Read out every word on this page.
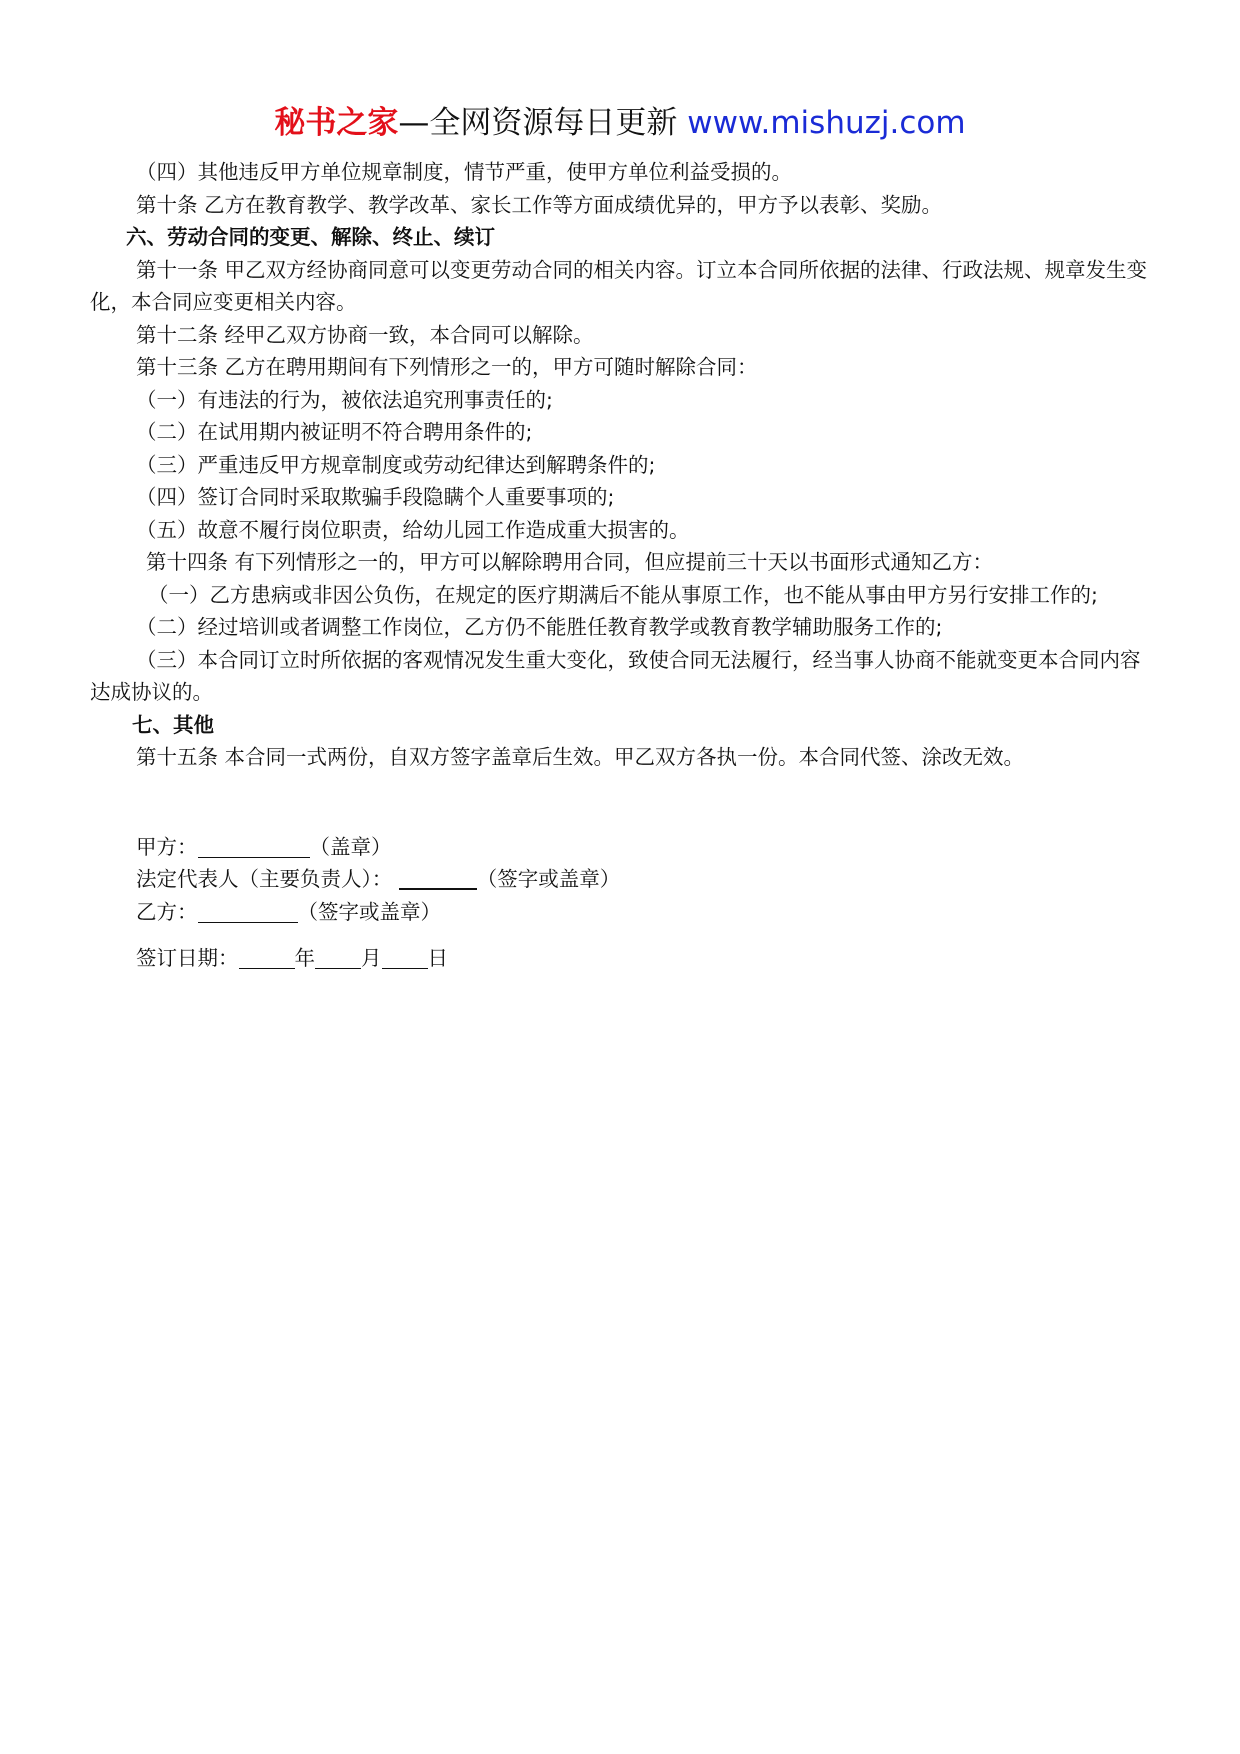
秘书之家—全网资源每日更新 www.mishuzj.com

（四）其他违反甲方单位规章制度，情节严重，使甲方单位利益受损的。

第十条 乙方在教育教学、教学改革、家长工作等方面成绩优异的，甲方予以表彰、奖励。

六、劳动合同的变更、解除、终止、续订

第十一条 甲乙双方经协商同意可以变更劳动合同的相关内容。订立本合同所依据的法律、行政法规、规章发生变化，本合同应变更相关内容。

第十二条 经甲乙双方协商一致，本合同可以解除。

第十三条 乙方在聘用期间有下列情形之一的，甲方可随时解除合同：

（一）有违法的行为，被依法追究刑事责任的;

（二）在试用期内被证明不符合聘用条件的;

（三）严重违反甲方规章制度或劳动纪律达到解聘条件的;

（四）签订合同时采取欺骗手段隐瞒个人重要事项的;

（五）故意不履行岗位职责，给幼儿园工作造成重大损害的。

第十四条 有下列情形之一的，甲方可以解除聘用合同，但应提前三十天以书面形式通知乙方：

（一）乙方患病或非因公负伤，在规定的医疗期满后不能从事原工作，也不能从事由甲方另行安排工作的;

（二）经过培训或者调整工作岗位，乙方仍不能胜任教育教学或教育教学辅助服务工作的;

（三）本合同订立时所依据的客观情况发生重大变化，致使合同无法履行，经当事人协商不能就变更本合同内容达成协议的。

七、其他

第十五条 本合同一式两份，自双方签字盖章后生效。甲乙双方各执一份。本合同代签、涂改无效。

甲方：	（盖章）

法定代表人（主要负责人）：	（签字或盖章）

乙方：	（签字或盖章）

签订日期：	年 月 日
